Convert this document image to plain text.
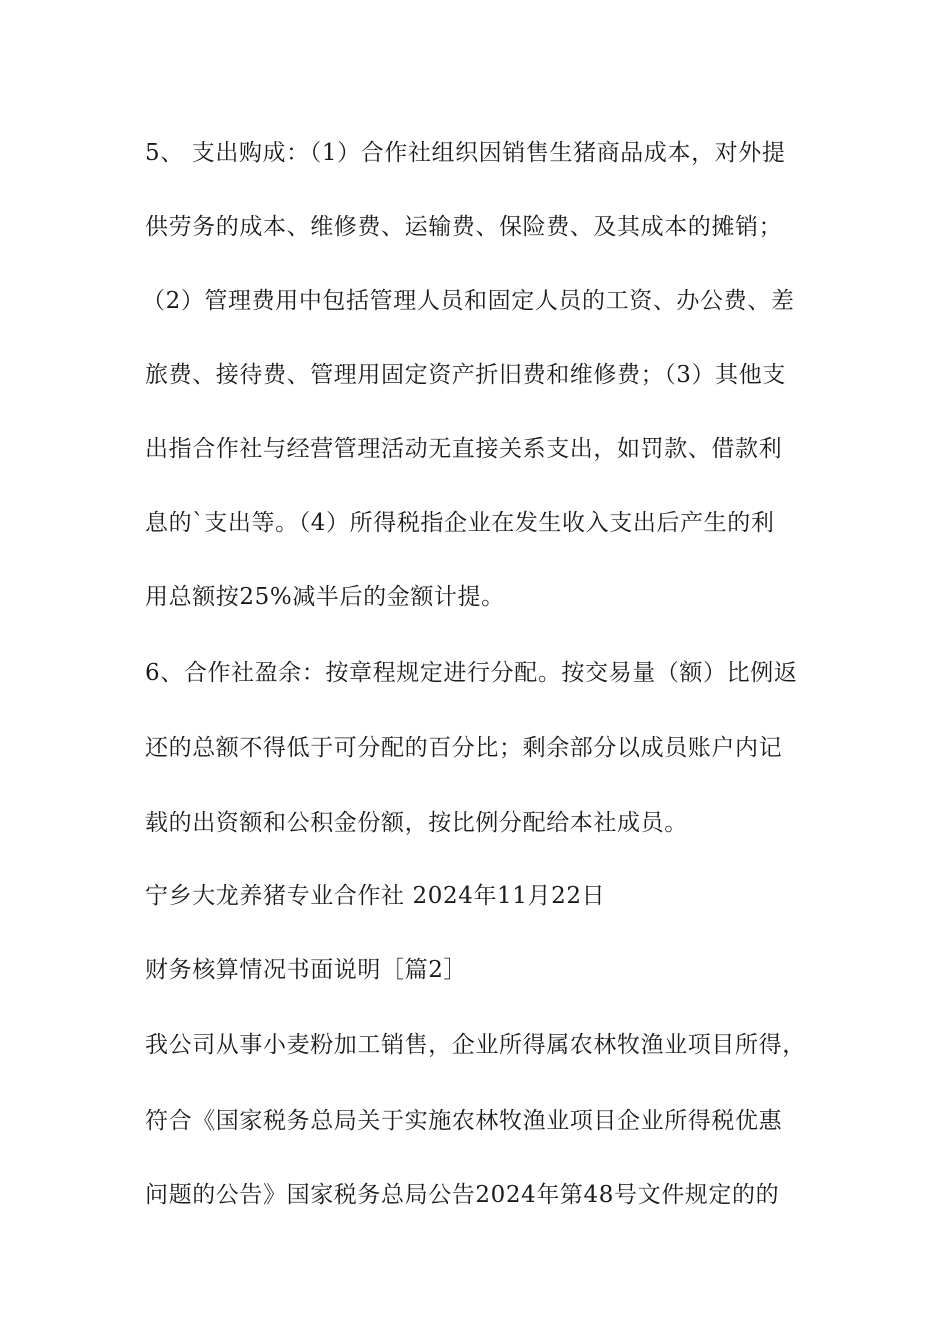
5、 支出购成：（1）合作社组织因销售生猪商品成本，对外提
供劳务的成本、维修费、运输费、保险费、及其成本的摊销；
（2）管理费用中包括管理人员和固定人员的工资、办公费、差
旅费、接待费、管理用固定资产折旧费和维修费；（3）其他支
出指合作社与经营管理活动无直接关系支出，如罚款、借款利
息的`支出等。（4）所得税指企业在发生收入支出后产生的利
用总额按25%减半后的金额计提。
6、合作社盈余：按章程规定进行分配。按交易量（额）比例返
还的总额不得低于可分配的百分比；剩余部分以成员账户内记
载的出资额和公积金份额，按比例分配给本社成员。
宁乡大龙养猪专业合作社 2024年11月22日
财务核算情况书面说明［篇2］
我公司从事小麦粉加工销售，企业所得属农林牧渔业项目所得，
符合《国家税务总局关于实施农林牧渔业项目企业所得税优惠
问题的公告》国家税务总局公告2024年第48号文件规定的的
